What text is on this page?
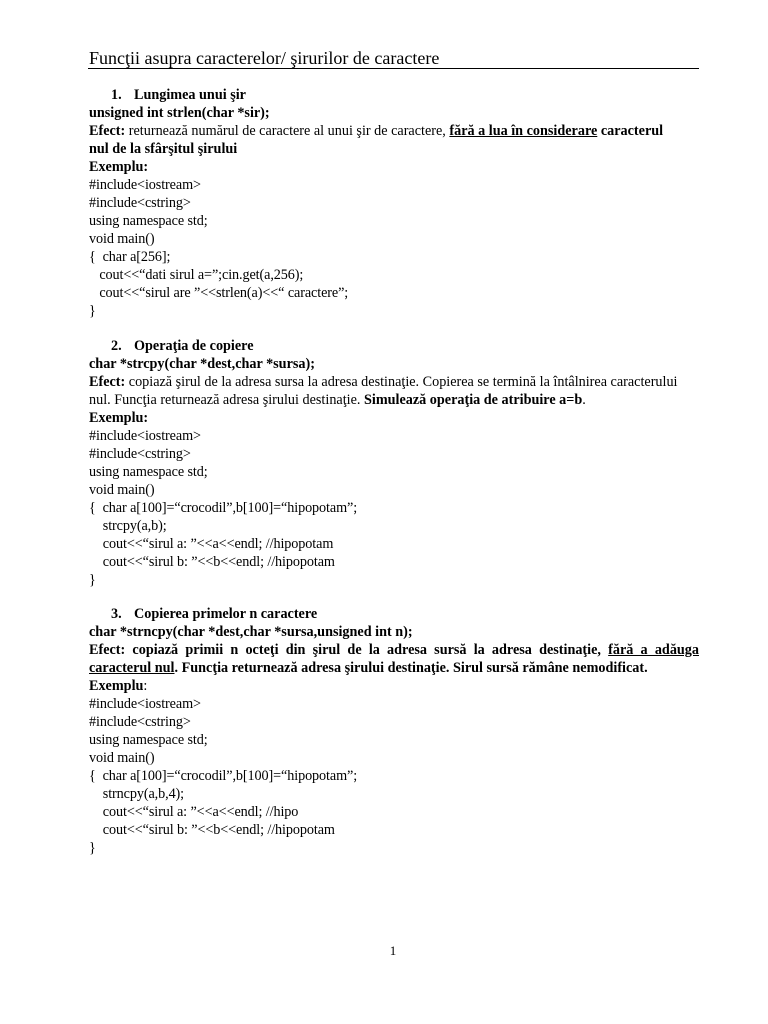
Funcţii asupra caracterelor/ şirurilor de caractere
1. Lungimea unui şir
unsigned int strlen(char *sir);
Efect: returnează numărul de caractere al unui şir de caractere, fără a lua în considerare caracterul
nul de la sfârşitul şirului
Exemplu:
#include<iostream>
#include<cstring>
using namespace std;
void main()
{  char a[256];
cout<<“dati sirul a=”;cin.get(a,256);
cout<<“sirul are ”<<strlen(a)<<“ caractere”;
}
2. Operaţia de copiere
char *strcpy(char *dest,char *sursa);
Efect: copiază şirul de la adresa sursa la adresa destinaţie. Copierea se termină la întâlnirea caracterului
nul. Funcţia returnează adresa şirului destinaţie. Simulează operaţia de atribuire a=b.
Exemplu:
#include<iostream>
#include<cstring>
using namespace std;
void main()
{  char a[100]=“crocodil”,b[100]=“hipopotam”;
strcpy(a,b);
cout<<“sirul a: ”<<a<<endl; //hipopotam
cout<<“sirul b: ”<<b<<endl; //hipopotam
}
3. Copierea primelor n caractere
char *strncpy(char *dest,char *sursa,unsigned int n);
Efect: copiază primii n octeţi din şirul de la adresa sursă la adresa destinaţie, fără a adăuga
caracterul nul. Funcţia returnează adresa şirului destinaţie. Sirul sursă rămâne nemodificat.
Exemplu:
#include<iostream>
#include<cstring>
using namespace std;
void main()
{  char a[100]=“crocodil”,b[100]=“hipopotam”;
strncpy(a,b,4);
cout<<“sirul a: ”<<a<<endl; //hipo
cout<<“sirul b: ”<<b<<endl; //hipopotam
}
1
